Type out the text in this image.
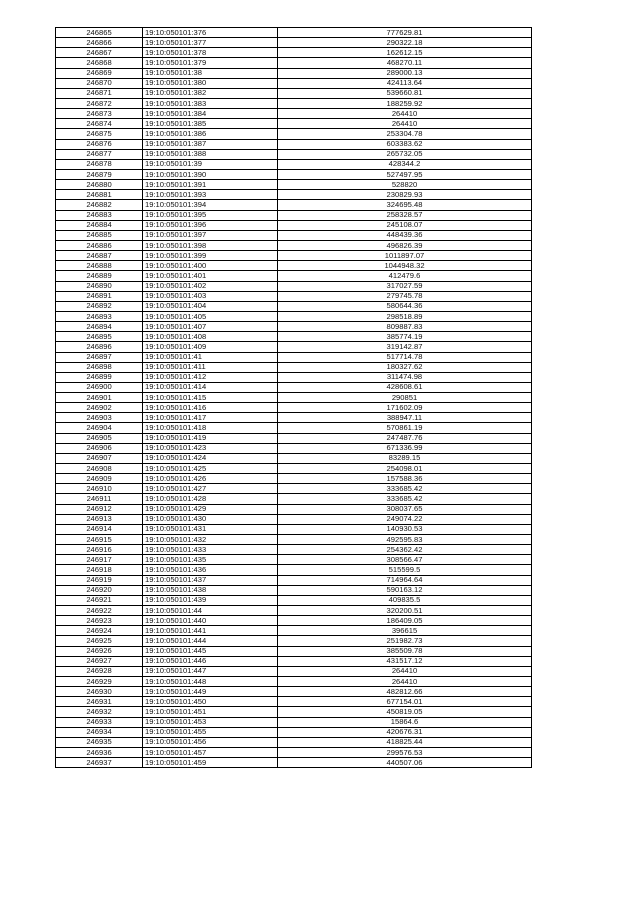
246865	19:10:050101:376	777629.81
246866	19:10:050101:377	290322.18
246867	19:10:050101:378	162612.15
246868	19:10:050101:379	468270.11
246869	19:10:050101:38	289000.13
246870	19:10:050101:380	424113.64
246871	19:10:050101:382	539660.81
246872	19:10:050101:383	188259.92
246873	19:10:050101:384	264410
246874	19:10:050101:385	264410
246875	19:10:050101:386	253304.78
246876	19:10:050101:387	603383.62
246877	19:10:050101:388	265732.05
246878	19:10:050101:39	428344.2
246879	19:10:050101:390	527497.95
246880	19:10:050101:391	528820
246881	19:10:050101:393	230829.93
246882	19:10:050101:394	324695.48
246883	19:10:050101:395	258328.57
246884	19:10:050101:396	245108.07
246885	19:10:050101:397	448439.36
246886	19:10:050101:398	496826.39
246887	19:10:050101:399	1011897.07
246888	19:10:050101:400	1044948.32
246889	19:10:050101:401	412479.6
246890	19:10:050101:402	317027.59
246891	19:10:050101:403	279745.78
246892	19:10:050101:404	580644.36
246893	19:10:050101:405	298518.89
246894	19:10:050101:407	809887.83
246895	19:10:050101:408	385774.19
246896	19:10:050101:409	319142.87
246897	19:10:050101:41	517714.78
246898	19:10:050101:411	180327.62
246899	19:10:050101:412	311474.98
246900	19:10:050101:414	428608.61
246901	19:10:050101:415	290851
246902	19:10:050101:416	171602.09
246903	19:10:050101:417	388947.11
246904	19:10:050101:418	570861.19
246905	19:10:050101:419	247487.76
246906	19:10:050101:423	671336.99
246907	19:10:050101:424	83289.15
246908	19:10:050101:425	254098.01
246909	19:10:050101:426	157588.36
246910	19:10:050101:427	333685.42
246911	19:10:050101:428	333685.42
246912	19:10:050101:429	308037.65
246913	19:10:050101:430	249074.22
246914	19:10:050101:431	140930.53
246915	19:10:050101:432	492595.83
246916	19:10:050101:433	254362.42
246917	19:10:050101:435	308566.47
246918	19:10:050101:436	515599.5
246919	19:10:050101:437	714964.64
246920	19:10:050101:438	590163.12
246921	19:10:050101:439	409835.5
246922	19:10:050101:44	320200.51
246923	19:10:050101:440	186409.05
246924	19:10:050101:441	396615
246925	19:10:050101:444	251982.73
246926	19:10:050101:445	385509.78
246927	19:10:050101:446	431517.12
246928	19:10:050101:447	264410
246929	19:10:050101:448	264410
246930	19:10:050101:449	482812.66
246931	19:10:050101:450	677154.01
246932	19:10:050101:451	450819.05
246933	19:10:050101:453	15864.6
246934	19:10:050101:455	420676.31
246935	19:10:050101:456	418825.44
246936	19:10:050101:457	299576.53
246937	19:10:050101:459	440507.06
